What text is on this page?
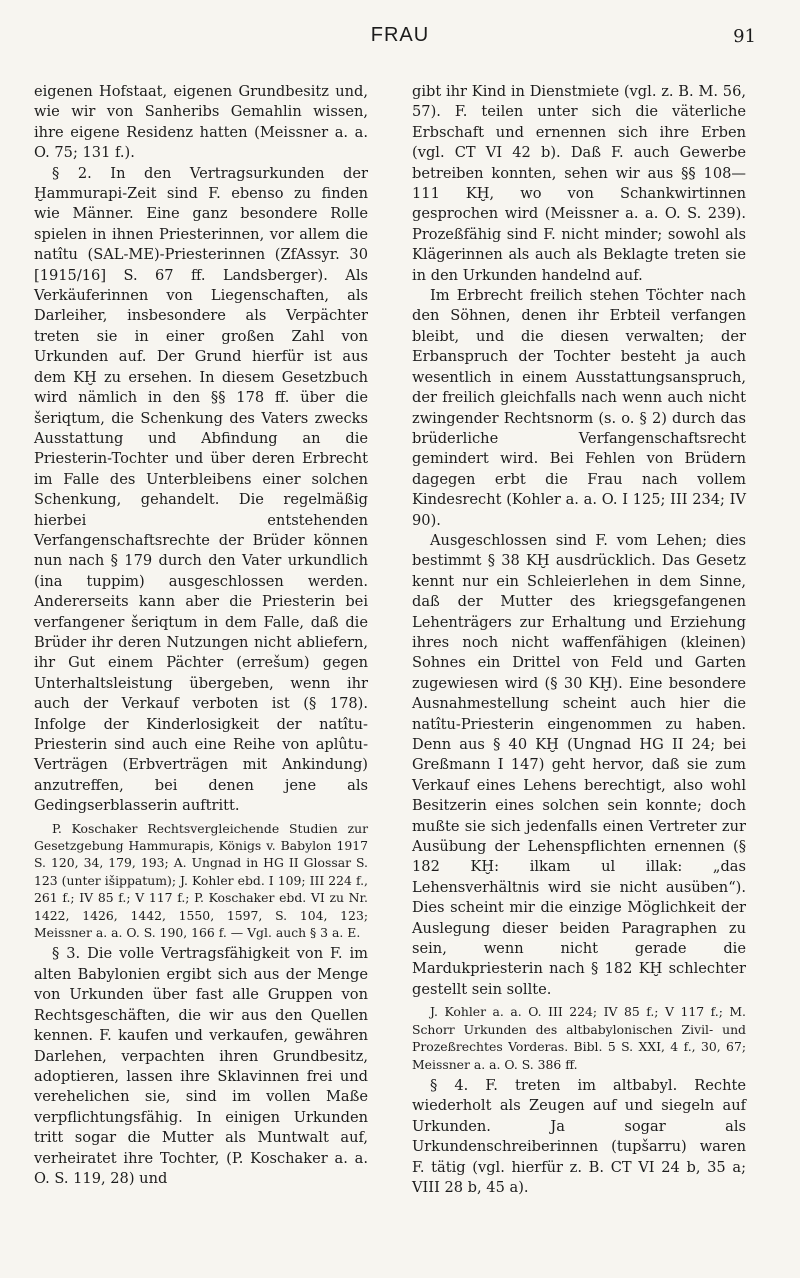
FRAU	91

eigenen Hofstaat, eigenen Grundbesitz und, wie wir von Sanheribs Gemahlin wissen, ihre eigene Residenz hatten (Meissner a. a. O. 75; 131 f.).

§ 2. In den Vertragsurkunden der Ḫammurapi-Zeit sind F. ebenso zu finden wie Männer. Eine ganz besondere Rolle spielen in ihnen Priesterinnen, vor allem die natîtu (SAL-ME)-Priesterinnen (ZfAssyr. 30 [1915/16] S. 67 ff. Landsberger). Als Verkäuferinnen von Liegenschaften, als Darleiher, insbesondere als Verpächter treten sie in einer großen Zahl von Urkunden auf. Der Grund hierfür ist aus dem KḪ zu ersehen. In diesem Gesetzbuch wird nämlich in den §§ 178 ff. über die šeriqtum, die Schenkung des Vaters zwecks Ausstattung und Abfindung an die Priesterin-Tochter und über deren Erbrecht im Falle des Unterbleibens einer solchen Schenkung, gehandelt. Die regelmäßig hierbei entstehenden Verfangenschaftsrechte der Brüder können nun nach § 179 durch den Vater urkundlich (ina tuppim) ausgeschlossen werden. Andererseits kann aber die Priesterin bei verfangener šeriqtum in dem Falle, daß die Brüder ihr deren Nutzungen nicht abliefern, ihr Gut einem Pächter (errešum) gegen Unterhaltsleistung übergeben, wenn ihr auch der Verkauf verboten ist (§ 178). Infolge der Kinderlosigkeit der natîtu-Priesterin sind auch eine Reihe von aplûtu-Verträgen (Erbverträgen mit Ankindung) anzutreffen, bei denen jene als Gedingserblasserin auftritt.

P. Koschaker Rechtsvergleichende Studien zur Gesetzgebung Hammurapis, Königs v. Babylon 1917 S. 120, 34, 179, 193; A. Ungnad in HG II Glossar S. 123 (unter išippatum); J. Kohler ebd. I 109; III 224 f., 261 f.; IV 85 f.; V 117 f.; P. Koschaker ebd. VI zu Nr. 1422, 1426, 1442, 1550, 1597, S. 104, 123; Meissner a. a. O. S. 190, 166 f. — Vgl. auch § 3 a. E.

§ 3. Die volle Vertragsfähigkeit von F. im alten Babylonien ergibt sich aus der Menge von Urkunden über fast alle Gruppen von Rechtsgeschäften, die wir aus den Quellen kennen. F. kaufen und verkaufen, gewähren Darlehen, verpachten ihren Grundbesitz, adoptieren, lassen ihre Sklavinnen frei und verehelichen sie, sind im vollen Maße verpflichtungsfähig. In einigen Urkunden tritt sogar die Mutter als Muntwalt auf, verheiratet ihre Tochter, (P. Koschaker a. a. O. S. 119, 28) und

gibt ihr Kind in Dienstmiete (vgl. z. B. M. 56, 57). F. teilen unter sich die väterliche Erbschaft und ernennen sich ihre Erben (vgl. CT VI 42 b). Daß F. auch Gewerbe betreiben konnten, sehen wir aus §§ 108—111 KḪ, wo von Schankwirtinnen gesprochen wird (Meissner a. a. O. S. 239). Prozeßfähig sind F. nicht minder; sowohl als Klägerinnen als auch als Beklagte treten sie in den Urkunden handelnd auf.

Im Erbrecht freilich stehen Töchter nach den Söhnen, denen ihr Erbteil verfangen bleibt, und die diesen verwalten; der Erbanspruch der Tochter besteht ja auch wesentlich in einem Ausstattungsanspruch, der freilich gleichfalls nach wenn auch nicht zwingender Rechtsnorm (s. o. § 2) durch das brüderliche Verfangenschaftsrecht gemindert wird. Bei Fehlen von Brüdern dagegen erbt die Frau nach vollem Kindesrecht (Kohler a. a. O. I 125; III 234; IV 90).

Ausgeschlossen sind F. vom Lehen; dies bestimmt § 38 KḪ ausdrücklich. Das Gesetz kennt nur ein Schleierlehen in dem Sinne, daß der Mutter des kriegsgefangenen Lehenträgers zur Erhaltung und Erziehung ihres noch nicht waffenfähigen (kleinen) Sohnes ein Drittel von Feld und Garten zugewiesen wird (§ 30 KḪ). Eine besondere Ausnahmestellung scheint auch hier die natîtu-Priesterin eingenommen zu haben. Denn aus § 40 KḪ (Ungnad HG II 24; bei Greßmann I 147) geht hervor, daß sie zum Verkauf eines Lehens berechtigt, also wohl Besitzerin eines solchen sein konnte; doch mußte sie sich jedenfalls einen Vertreter zur Ausübung der Lehenspflichten ernennen (§ 182 KḪ: ilkam ul illak: „das Lehensverhältnis wird sie nicht ausüben“). Dies scheint mir die einzige Möglichkeit der Auslegung dieser beiden Paragraphen zu sein, wenn nicht gerade die Mardukpriesterin nach § 182 KḪ schlechter gestellt sein sollte.

J. Kohler a. a. O. III 224; IV 85 f.; V 117 f.; M. Schorr Urkunden des altbabylonischen Zivil- und Prozeßrechtes Vorderas. Bibl. 5 S. XXI, 4 f., 30, 67; Meissner a. a. O. S. 386 ff.

§ 4. F. treten im altbabyl. Rechte wiederholt als Zeugen auf und siegeln auf Urkunden. Ja sogar als Urkundenschreiberinnen (tupšarru) waren F. tätig (vgl. hierfür z. B. CT VI 24 b, 35 a; VIII 28 b, 45 a).
